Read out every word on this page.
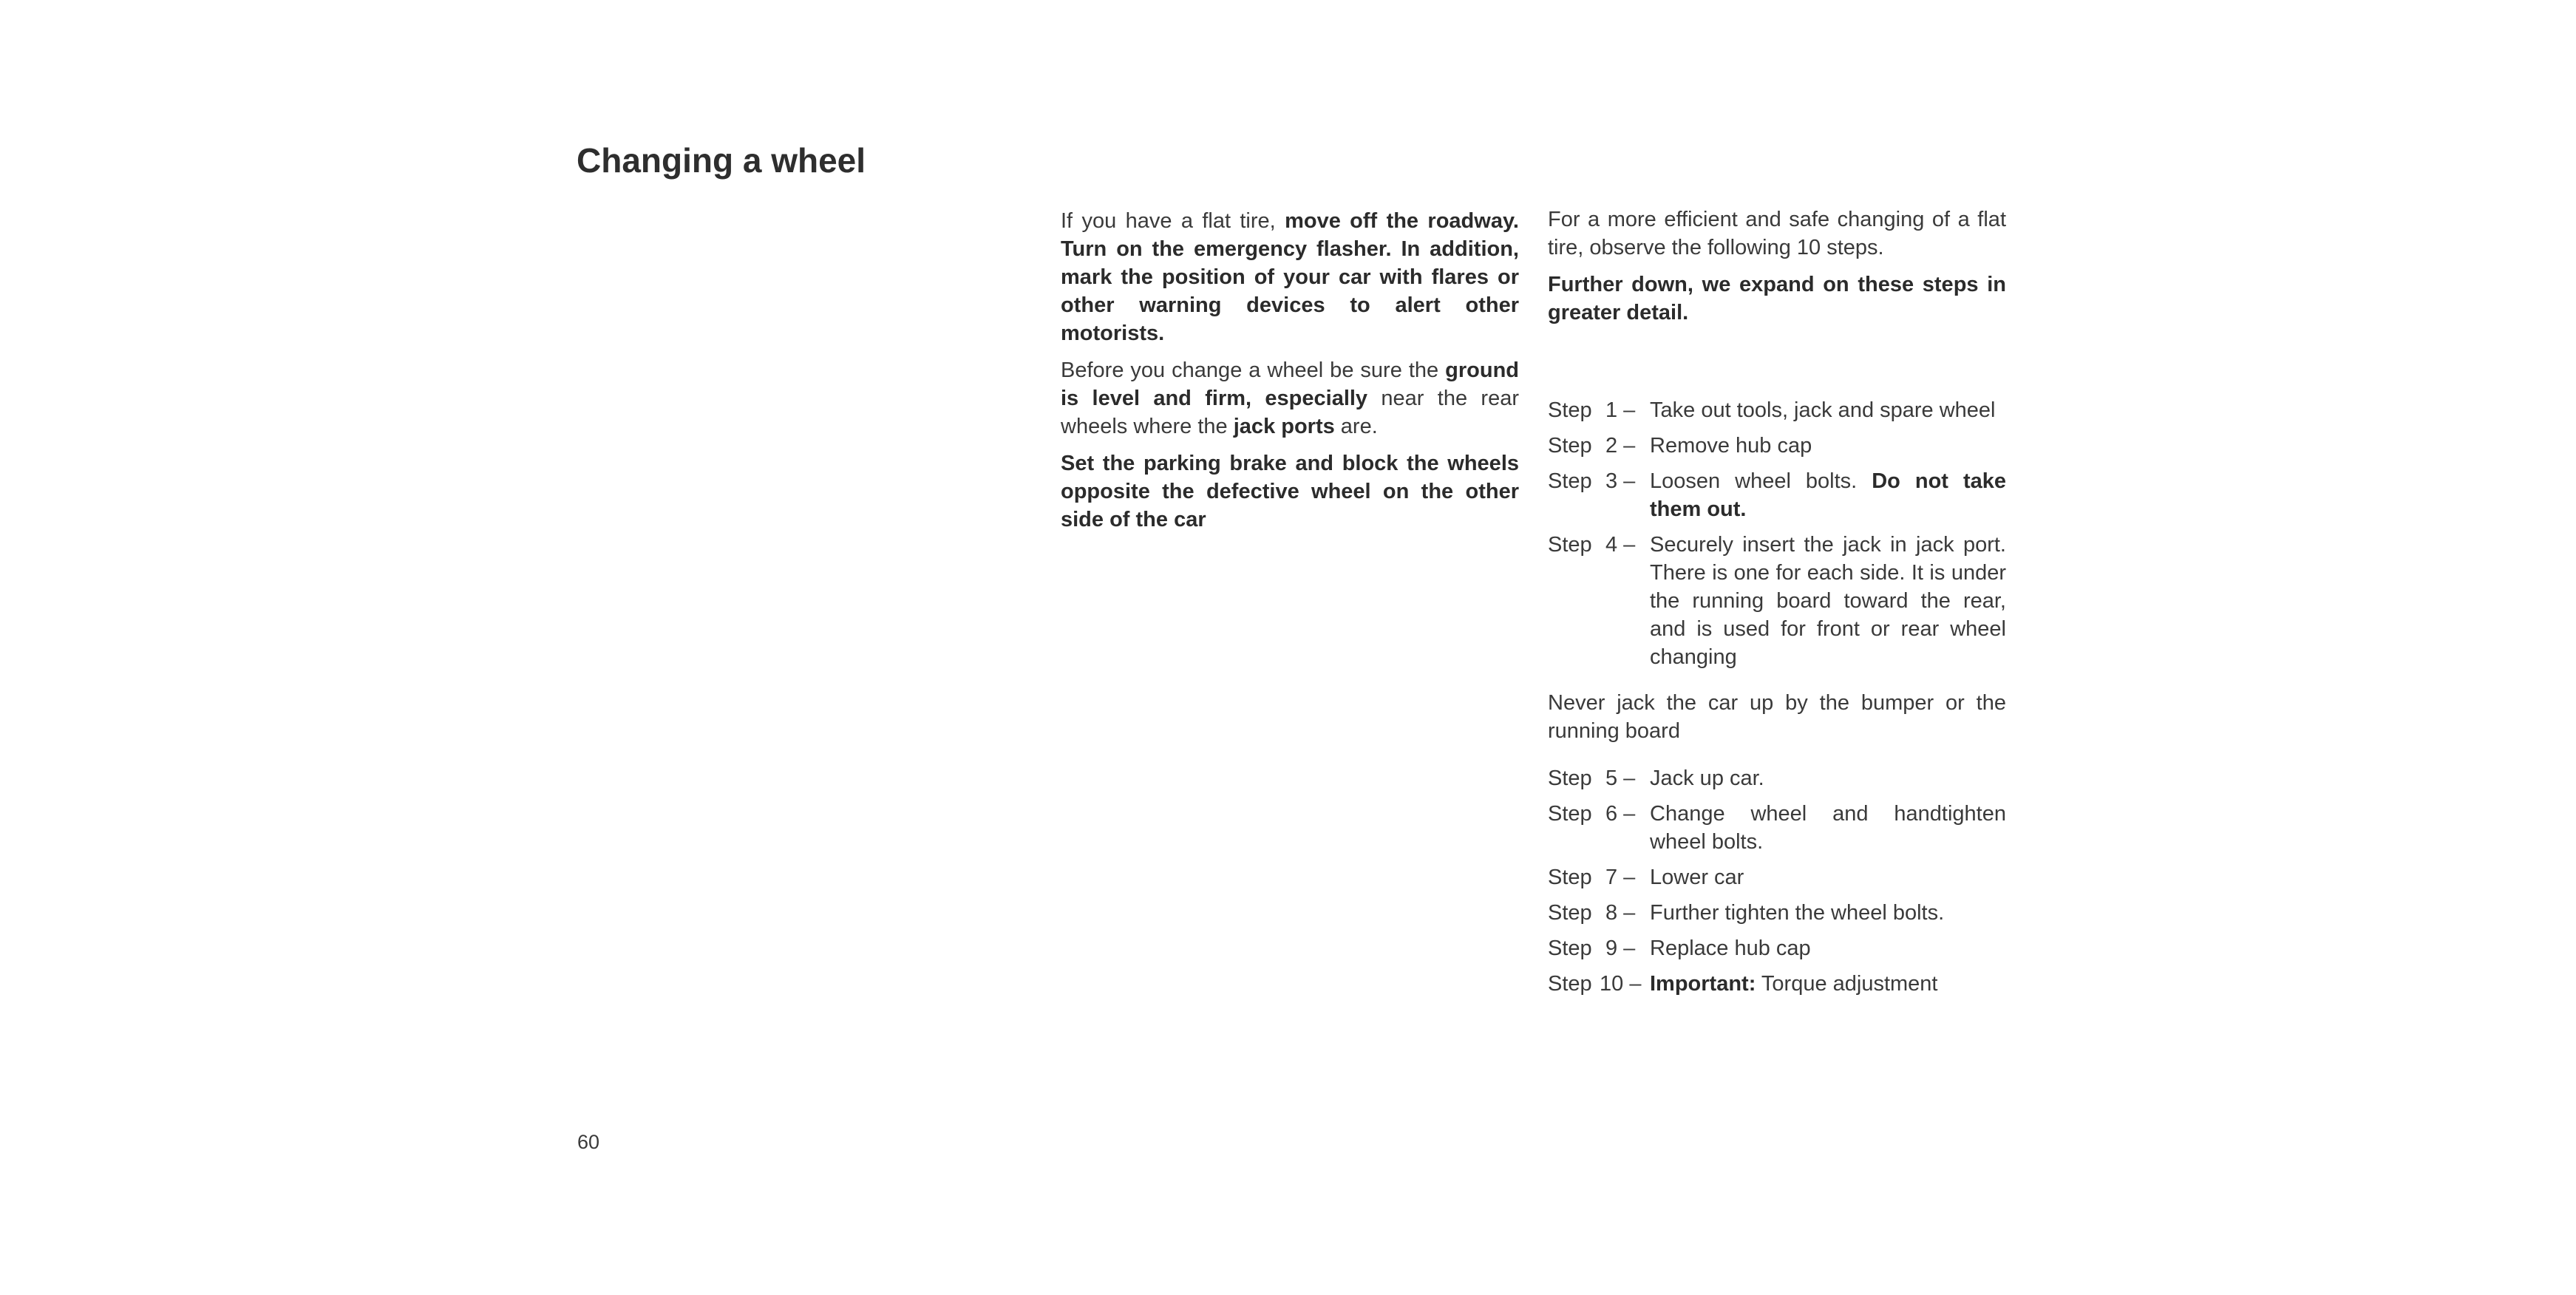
Changing a wheel

If you have a flat tire, move off the roadway. Turn on the emergency flasher. In addition, mark the position of your car with flares or other warning devices to alert other motorists.

Before you change a wheel be sure the ground is level and firm, especially near the rear wheels where the jack ports are.

Set the parking brake and block the wheels opposite the defective wheel on the other side of the car

For a more efficient and safe changing of a flat tire, observe the following 10 steps.

Further down, we expand on these steps in greater detail.

Step 1 – Take out tools, jack and spare wheel
Step 2 – Remove hub cap
Step 3 – Loosen wheel bolts. Do not take them out.
Step 4 – Securely insert the jack in jack port. There is one for each side. It is under the running board toward the rear, and is used for front or rear wheel changing

Never jack the car up by the bumper or the running board

Step 5 – Jack up car.
Step 6 – Change wheel and handtighten wheel bolts.
Step 7 – Lower car
Step 8 – Further tighten the wheel bolts.
Step 9 – Replace hub cap
Step 10 – Important: Torque adjustment
60
